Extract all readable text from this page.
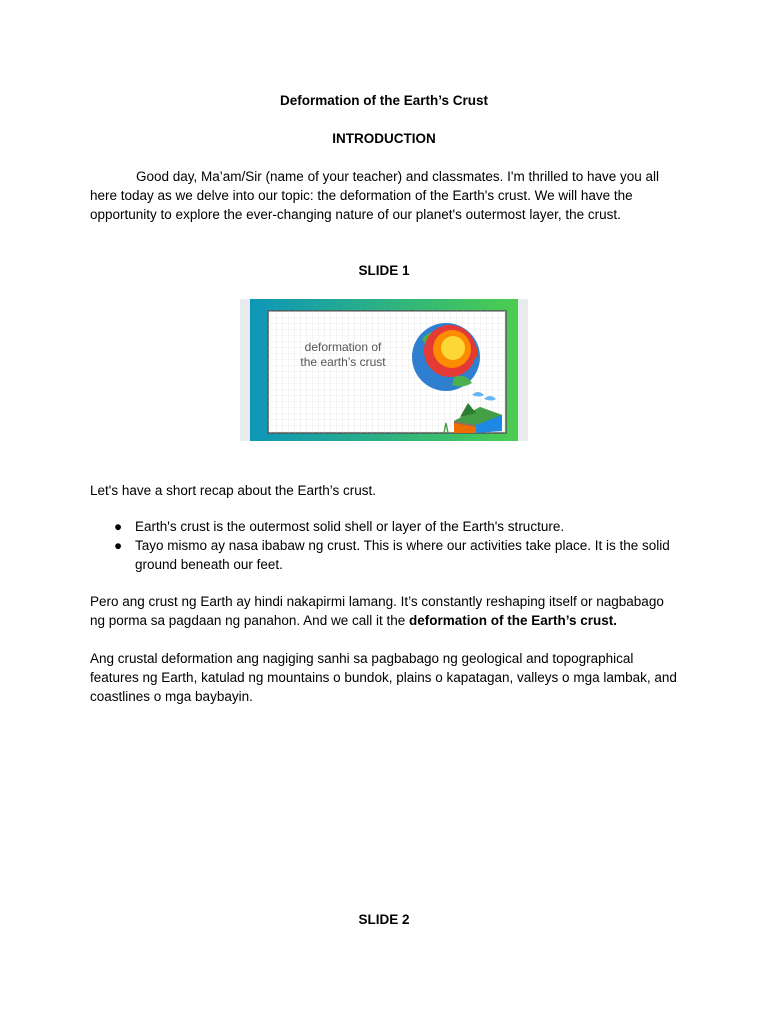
Deformation of the Earth’s Crust
INTRODUCTION
Good day, Ma’am/Sir (name of your teacher) and classmates. I'm thrilled to have you all here today as we delve into our topic: the deformation of the Earth's crust. We will have the opportunity to explore the ever-changing nature of our planet's outermost layer, the crust.
SLIDE 1
deformation of
the earth’s crust
Let's have a short recap about the Earth’s crust.
● Earth's crust is the outermost solid shell or layer of the Earth's structure.
● Tayo mismo ay nasa ibabaw ng crust. This is where our activities take place. It is the solid ground beneath our feet.
Pero ang crust ng Earth ay hindi nakapirmi lamang. It’s constantly reshaping itself or nagbabago ng porma sa pagdaan ng panahon. And we call it the deformation of the Earth’s crust.
Ang crustal deformation ang nagiging sanhi sa pagbabago ng geological and topographical features ng Earth, katulad ng mountains o bundok, plains o kapatagan, valleys o mga lambak, and coastlines o mga baybayin.
SLIDE 2
